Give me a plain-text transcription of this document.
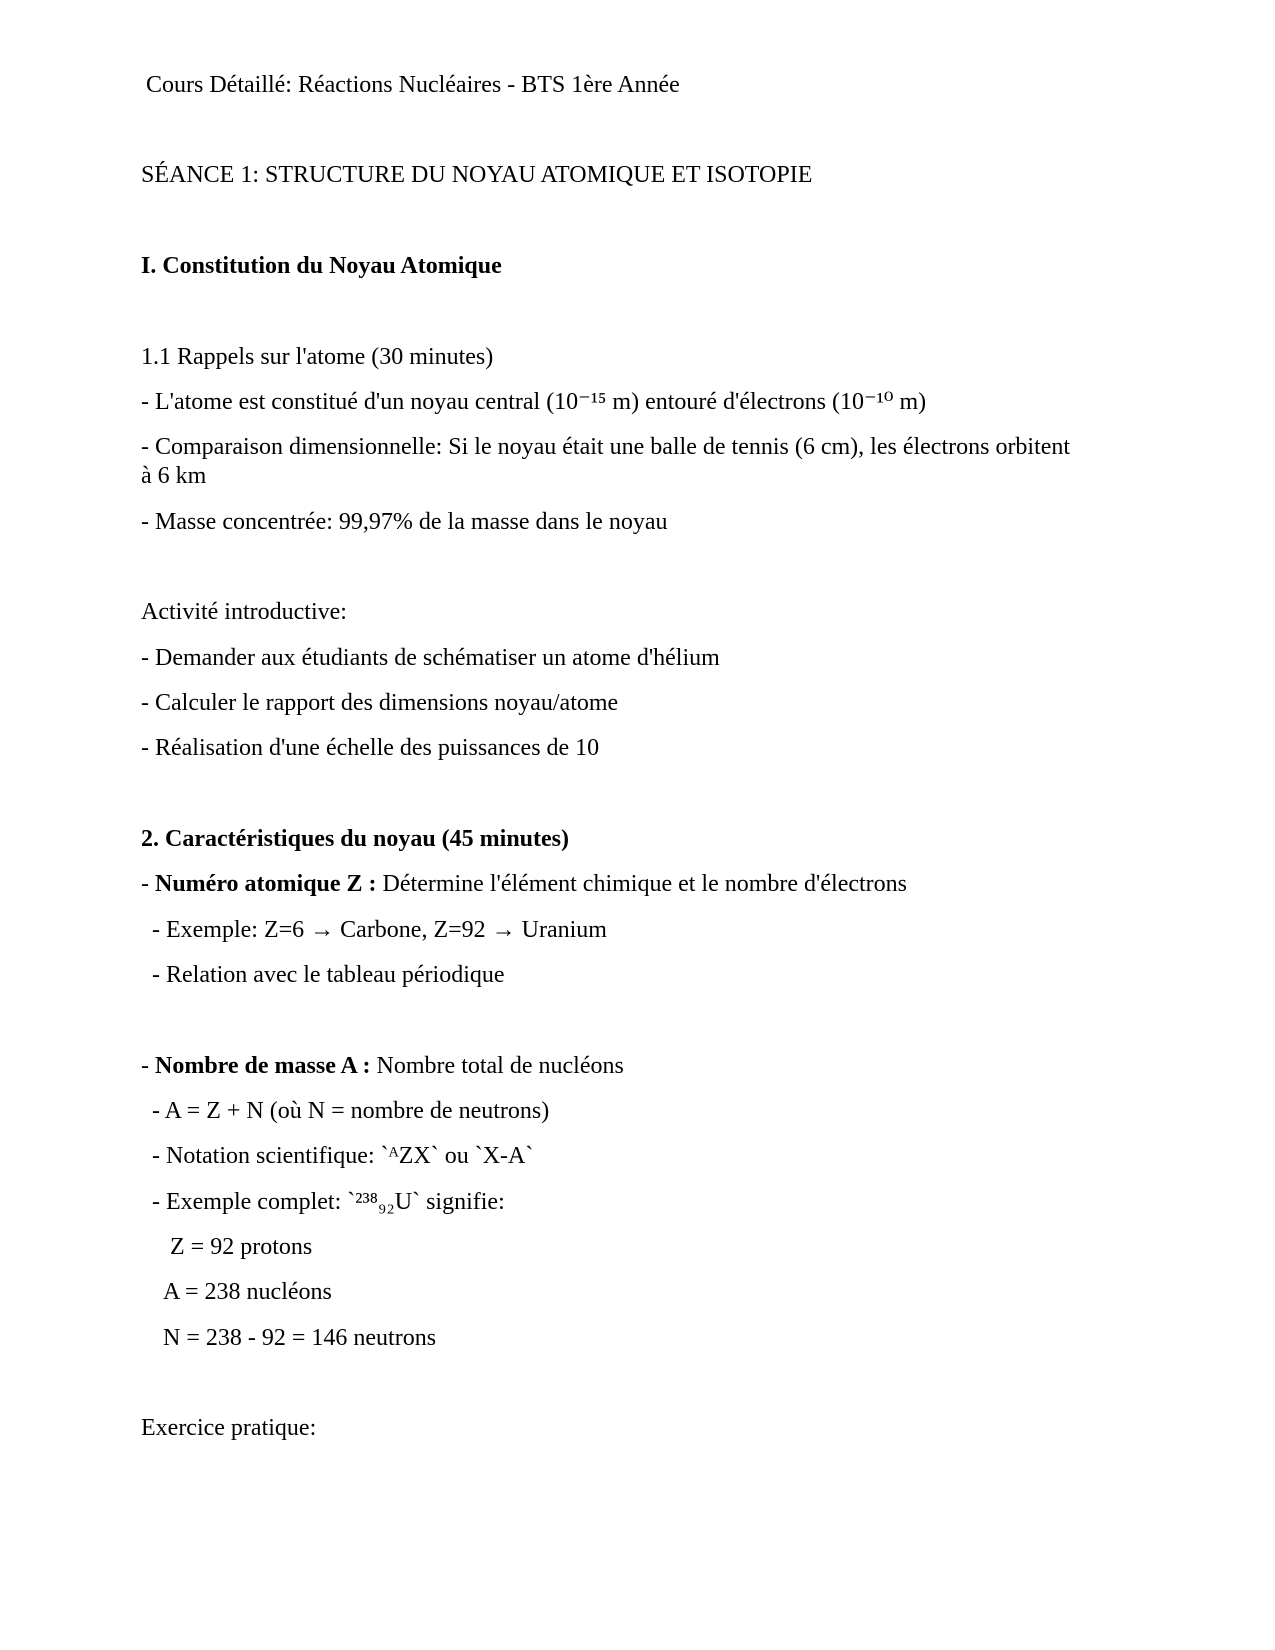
Cours Détaillé: Réactions Nucléaires - BTS 1ère Année
SÉANCE 1: STRUCTURE DU NOYAU ATOMIQUE ET ISOTOPIE
I. Constitution du Noyau Atomique
1.1 Rappels sur l'atome (30 minutes)
- L'atome est constitué d'un noyau central (10⁻¹⁵ m) entouré d'électrons (10⁻¹⁰ m)
- Comparaison dimensionnelle: Si le noyau était une balle de tennis (6 cm), les électrons orbitent
à 6 km
- Masse concentrée: 99,97% de la masse dans le noyau
Activité introductive:
- Demander aux étudiants de schématiser un atome d'hélium
- Calculer le rapport des dimensions noyau/atome
- Réalisation d'une échelle des puissances de 10
2. Caractéristiques du noyau (45 minutes)
- Numéro atomique Z : Détermine l'élément chimique et le nombre d'électrons
- Exemple: Z=6 → Carbone, Z=92 → Uranium
- Relation avec le tableau périodique
- Nombre de masse A : Nombre total de nucléons
- A = Z + N (où N = nombre de neutrons)
- Notation scientifique: `ᴬZX` ou `X-A`
- Exemple complet: `²³⁸₉₂U` signifie:
Z = 92 protons
A = 238 nucléons
N = 238 - 92 = 146 neutrons
Exercice pratique:
